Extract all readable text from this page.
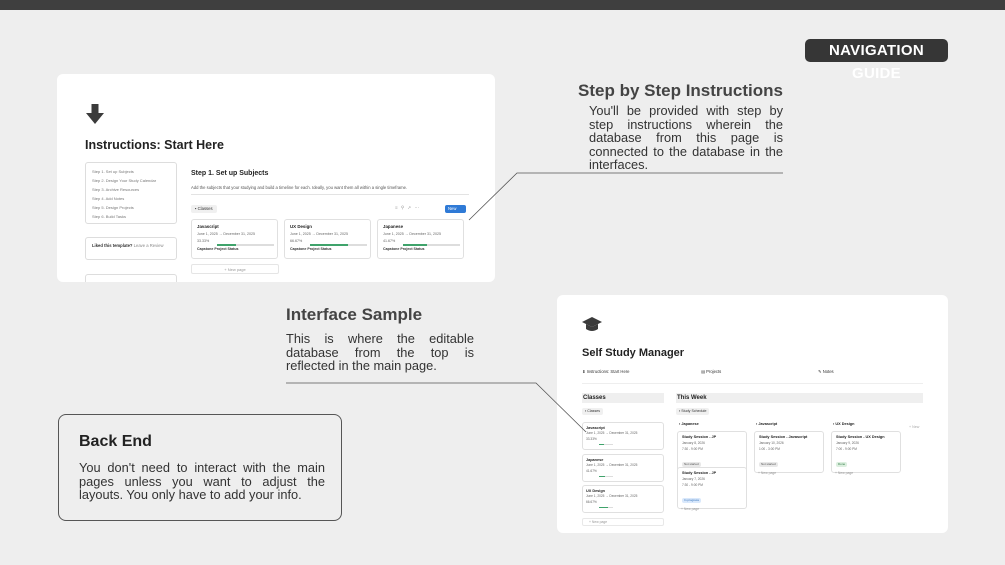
NAVIGATION GUIDE
Instructions: Start Here
Step 1. Set up Subjects
Step 2. Design Your Study Calendar
Step 3. Archive Resources
Step 4. Add Notes
Step 5. Design Projects
Step 6. Build Tasks
Liked this template? Leave a Review
Step 1. Set up Subjects
Add the subjects that your studying and build a timeline for each. Ideally, you want them all within a single timeframe.
▪ Classes	≡ ⚲ ↗ ⋯	New
Javascript
June 1, 2025 → December 31, 2025
33.33%
Capstone Project Status
UX Design
June 1, 2025 → December 31, 2025
66.67%
Capstone Project Status
Japanese
June 1, 2025 → December 31, 2025
41.67%
Capstone Project Status
+ New page
Step by Step Instructions
You'll be provided with step by step instructions wherein the database from this page is connected to the database in the interfaces.
Interface Sample
This is where the editable database from the top is reflected in the main page.
Back End
You don't need to interact with the main pages unless you want to adjust the layouts. You only have to add your info.
Self Study Manager
⬇ Instructions: Start Here	▤ Projects	✎ Notes
Classes
▪ Classes
Javascript
June 1, 2025 → December 31, 2025
33.33%
Japanese
June 1, 2025 → December 31, 2025
41.67%
UX Design
June 1, 2025 → December 31, 2025
66.67%
+ New page
This Week
▪ Study Schedule
▪ Japanese	▪ Javascript	▪ UX Design
+ New
Study Session - JP
January 8, 2026
7:30 - 9:00 PM
Not started
Study Session - JP
January 7, 2026
7:30 - 9:00 PM
In progress
+ New page
Study Session - Javascript
January 10, 2026
1:00 - 3:00 PM
Not started
+ New page
Study Session - UX Design
January 9, 2026
7:00 - 9:00 PM
Done
+ New page
